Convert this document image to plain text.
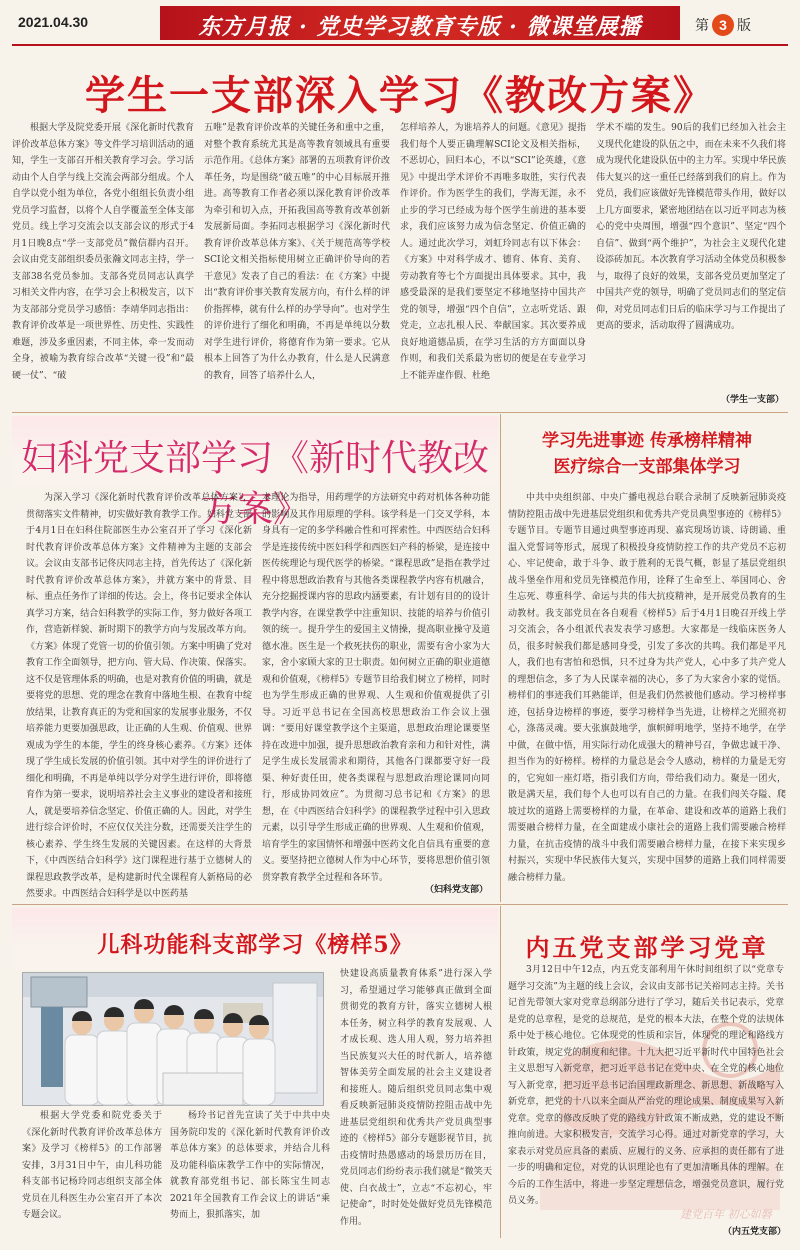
2021.04.30	东方月报 · 党史学习教育专版 · 微课堂展播	第 3 版
学生一支部深入学习《教改方案》

根据大学及院党委开展《深化新时代教育评价改革总体方案》等文件学习培训活动的通知，学生一支部召开相关教育学习会。学习活动由个人自学与线上交流会两部分组成。个人自学以党小组为单位，各党小组组长负责小组党员学习监督，以将个人自学覆盖至全体支部党员。线上学习交流会以支部会议的形式于4月1日晚8点“学一支部党员”微信群内召开。会议由党支部组织委员张瀚文同志主持，学一支部38名党员参加。支部各党员同志认真学习相关文件内容，在学习会上积极发言，以下为支部部分党员学习感悟：李靖华同志指出：教育评价改革是一项世界性、历史性、实践性难题，涉及多重因素，不同主体，牵一发而动全身，被喻为教育综合改革“关键一役”和“最硬一仗”、“破

五唯”是教育评价改革的关键任务和重中之重，对整个教育系统尤其是高等教育领域具有重要示范作用。《总体方案》部署的五项教育评价改革任务，均是围绕“破五唯”的中心目标展开推进。高等教育工作者必须以深化教育评价改革为牵引和切入点，开拓我国高等教育改革创新发展新局面。李拓同志根据学习《深化新时代教育评价改革总体方案》、《关于规范高等学校SCI论文相关指标使用树立正确评价导向的若干意见》发表了自己的看法：在《方案》中提出“教育评价事关教育发展方向，有什么样的评价指挥棒，就有什么样的办学导向”。也对学生的评价进行了细化和明确，不再是单纯以分数对学生进行评价，将德育作为第一要求。它从根本上回答了为什么办教育，什么是人民满意的教育，回答了培养什么人，

怎样培养人，为谁培养人的问题。《意见》提指我们每个人要正确理解SCI论文及相关指标，不恶切心，回归本心，不以“SCI”论英雄，《意见》中提出学术评价不再唯多取胜，实行代表作评价。作为医学生的我们，学海无涯，永不止步的学习已经成为每个医学生前进的基本要求，我们应该努力成为信念坚定、价值正确的人。通过此次学习，刘虹玲同志有以下体会：《方案》中对科学成才、德育、体育、美育、劳动教育等七个方面提出具体要求。其中，我感受最深的是我们要坚定不移地坚持中国共产党的领导，增强“四个自信”，立志听党话、跟党走，立志扎根人民、奉献国家。其次要养成良好地道德品质，在学习生活的方方面面以身作则，和我们关系最为密切的便是在专业学习上不能弄虚作假、杜绝

学术不端的发生。90后的我们已经加入社会主义现代化建设的队伍之中，而在未来不久我们将成为现代化建设队伍中的主力军。实现中华民族伟大复兴的这一重任已经落到我们的肩上。作为党员，我们应该做好先锋模范带头作用，做好以上几方面要求，紧密地团结在以习近平同志为核心的党中央周围，增强“四个意识”、坚定“四个自信”、做到“两个维护”，为社会主义现代化建设添砖加瓦。本次教育学习活动全体党员积极参与，取得了良好的效果，支部各党员更加坚定了中国共产党的领导，明确了党员同志们的坚定信仰，对党员同志们日后的临床学习与工作提出了更高的要求，活动取得了圆满成功。

（学生一支部）
妇科党支部学习《新时代教改方案》

为深入学习《深化新时代教育评价改革总体方案》，贯彻落实文件精神，切实做好教育教学工作。妇科党支部于4月1日在妇科住院部医生办公室召开了学习《深化新时代教育评价改革总体方案》文件精神为主题的支部会议。会议由支部书记佟庆同志主持，首先传达了《深化新时代教育评价改革总体方案》，并就方案中的背景、目标、重点任务作了详细的传达。会上，佟书记要求全体认真学习方案，结合妇科教学的实际工作，努力做好各项工作，营造新样貌、新时期下的教学方向与发展改革方向。《方案》体现了党管一切的价值引领。方案中明确了党对教育工作全面领导，把方向、管大局、作决策、保落实。这不仅是管理体系的明确，也是对教育价值的明确，就是要将党的思想、党的理念在教育中落地生根、在教育中绽放结果，让教育真正的为党和国家的发展事业服务，不仅培养能力更要加强思政，让正确的人生观、价值观、世界观成为学生的本能，学生的终身核心素养。《方案》还体现了学生成长发展的价值引领。其中对学生的评价进行了细化和明确，不再是单纯以学分对学生进行评价，即将德育作为第一要求，说明培养社会主义事业的建设者和接班人，就是要培养信念坚定、价值正确的人。因此，对学生进行综合评价时，不应仅仅关注分数，还需要关注学生的核心素养、学生终生发展的关键因素。在这样的大背景下，《中西医结合妇科学》这门课程进行基于立德树人的课程思政教学改革，是构建新时代全课程育人新格局的必然要求。中西医结合妇科学是以中医药基

本理论为指导，用药理学的方法研究中药对机体各种功能的影响及其作用原理的学科。该学科是一门交叉学科，本身具有一定的多学科融合性和可挥索性。中西医结合妇科学是连接传统中医妇科学和西医妇产科的桥梁，是连接中医传统理论与现代医学的桥梁。“课程思政”是指在教学过程中将思想政治教育与其他各类课程教学内容有机融合，充分挖掘授课内容的思政内涵要素，有计划有目的的设计教学内容，在课堂教学中注重知识、技能的培养与价值引领的统一。提升学生的爱国主义情操，提高职业操守及道德水准。医生是一个救死扶伤的职业，需要有舍小家为大家，舍小家顾大家的卫士职责。如何树立正确的职业道德观和价值观，《榜样5》专题节目给我们树立了榜样，同时也为学生形成正确的世界观、人生观和价值观提供了引导。习近平总书记在全国高校思想政治工作会议上强调：“要用好课堂教学这个主渠道，思想政治理论课要坚持在改进中加强，提升思想政治教育亲和力和针对性，满足学生成长发展需求和期待，其他各门课都要守好一段渠、种好责任田，使各类课程与思想政治理论课同向同行，形成协同效应”。为贯彻习总书记和《方案》的思想，在《中西医结合妇科学》的课程教学过程中引入思政元素，以引导学生形成正确的世界观、人生观和价值观，培育学生的家国情怀和增强中医药文化自信具有重要的意义。要坚持把立德树人作为中心环节，要将思想价值引领贯穿教育教学全过程和各环节。

（妇科党支部）
学习先进事迹 传承榜样精神
医疗综合一支部集体学习

中共中央组织部、中央广播电视总台联合录制了反映新冠肺炎疫情防控阻击战中先进基层党组织和优秀共产党员典型事迹的《榜样5》专题节目。专题节目通过典型事迹再现、嘉宾现场访谈、诗朗诵、重温入党誓词等形式，展现了积极投身疫情防控工作的共产党员不忘初心、牢记使命，敢于斗争、敢于胜利的无畏气概，彰显了基层党组织战斗堡垒作用和党员先锋模范作用，诠释了生命至上、举国同心、舍生忘死、尊重科学、命运与共的伟大抗疫精神，是开展党员教育的生动教材。我支部党员在各自观看《榜样5》后于4月1日晚召开线上学习交流会，各小组派代表发表学习感想。大家都是一线临床医务人员，很多时候我们都是感同身受，引发了多次的共鸣。我们都是平凡人，我们也有害怕和恐惧，只不过身为共产党人，心中多了共产党人的理想信念，多了为人民谋幸福的决心，多了为大家舍小家的觉悟。榜样们的事迹我们耳熟能详，但是我们仍然被他们感动。学习榜样事迹，包括身边榜样的事迹，要学习榜样争当先进，让榜样之光照亮初心，涤荡灵魂。要大张旗鼓地学，旗帜鲜明地学，坚持不地学，在学中做，在做中悟，用实际行动化成强大的精神号召，争做忠诚干净、担当作为的好榜样。榜样的力量总是会令人感动，榜样的力量是无穷的，它宛如一座灯塔，指引我们方向，带给我们动力。聚是一团火，散是满天星，我们每个人也可以有自己的力量。在我们闯关夺隘、爬坡过坎的道路上需要榜样的力量，在革命、建设和改革的道路上我们需要融合榜样力量，在全面建成小康社会的道路上我们需要融合榜样力量，在抗击疫情的战斗中我们需要融合榜样力量，在接下来实现乡村振兴，实现中华民族伟大复兴，实现中国梦的道路上我们同样需要融合榜样力量。

儿科功能科支部学习《榜样5》

根据大学党委和院党委关于《深化新时代教育评价改革总体方案》及学习《榜样5》的工作部署安排，3月31日中午，由儿科功能科支部书记杨玲同志组织支部全体党员在儿科医生办公室召开了本次专题会议。

杨玲书记首先宣读了关于中共中央国务院印发的《深化新时代教育评价改革总体方案》的总体要求，并结合儿科及功能科临床教学工作中的实际情况，就教育部党组书记、部长陈宝生同志2021年全国教育工作会议上的讲话“乘势而上，狠抓落实，加

快建设高质量教育体系”进行深入学习，希望通过学习能够真正做到全面贯彻党的教育方针，落实立德树人根本任务，树立科学的教育发展观、人才成长观、选人用人观，努力培养担当民族复兴大任的时代新人，培养德智体美劳全面发展的社会主义建设者和接班人。随后组织党员同志集中观看反映新冠肺炎疫情防控阻击战中先进基层党组织和优秀共产党员典型事迹的《榜样5》部分专题影视节目，抗击疫情时热愚感动的场景历历在目，党员同志们纷纷表示我们就是“微笑天使、白衣战士”，立志“不忘初心，牢记使命”，时时处处做好党员先锋模范作用。

内五党支部学习党章

3月12日中午12点，内五党支部利用午休时间组织了以“党章专题学习交流”为主题的线上会议，会议由支部书记关裕同志主持。关书记首先带领大家对党章总纲部分进行了学习，随后关书记表示，党章是党的总章程，是党的总规范，是党的根本大法，在整个党的法规体系中处于核心地位。它体现党的性质和宗旨，体现党的理论和路线方针政策，规定党的制度和纪律。十九大把习近平新时代中国特色社会主义思想写入新党章，把习近平总书记在党中央、在全党的核心地位写入新党章，把习近平总书记治国理政新理念、新思想、新战略写入新党章，把党的十八以来全面从严治党的理论成果、制度成果写入新党章。党章的修改反映了党的路线方针政策不断成熟，党的建设不断推向前进。大家积极发言，交流学习心得。通过对新党章的学习，大家表示对党员应具备的素质、应履行的义务、应承担的责任都有了进一步的明确和定位，对党的认识理论也有了更加清晰具体的理解。在今后的工作生活中，将进一步坚定理想信念，增强党员意识，履行党员义务。

建党百年 初心如磐
（内五党支部）
